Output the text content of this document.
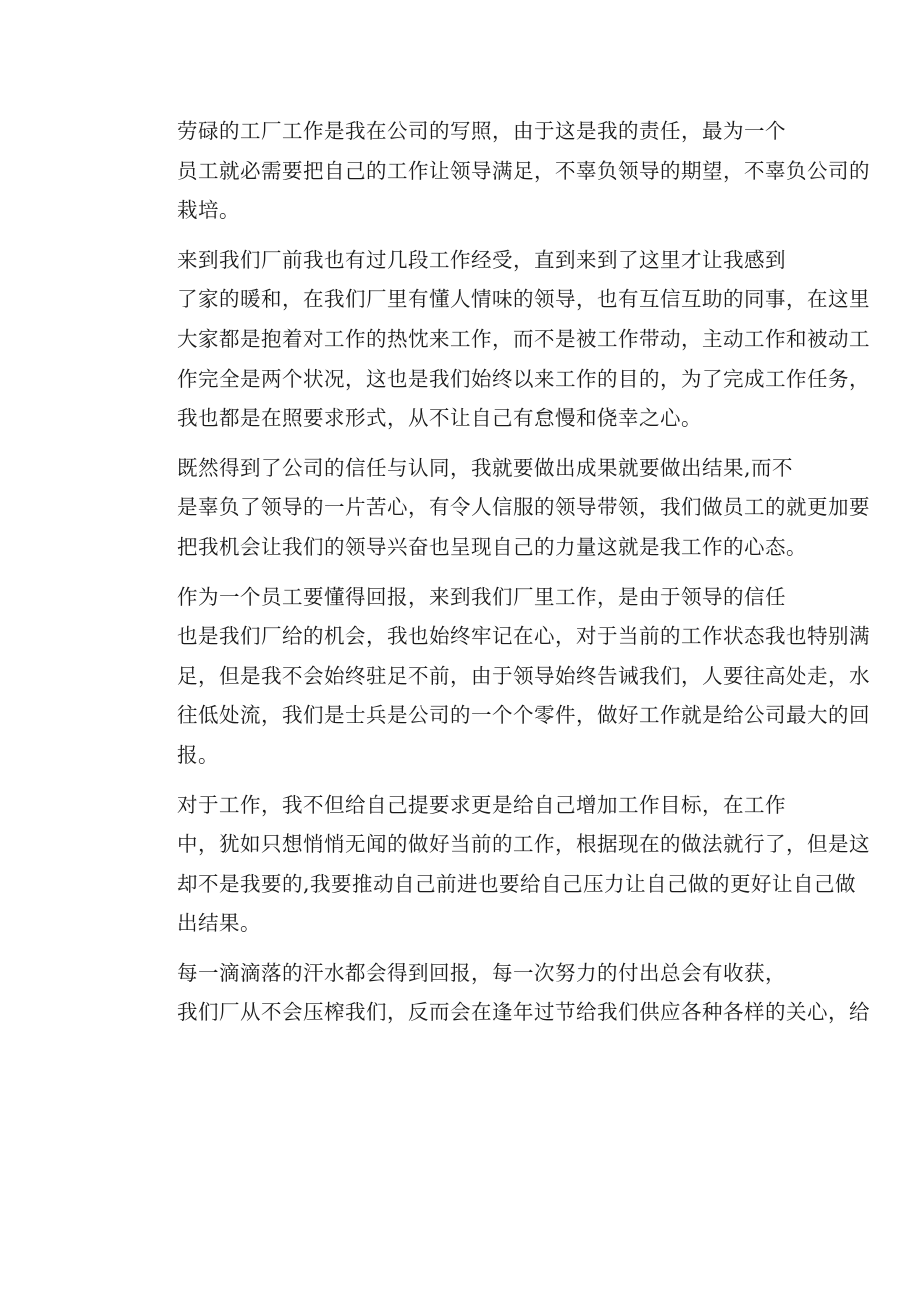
劳碌的工厂工作是我在公司的写照，由于这是我的责任，最为一个
员工就必需要把自己的工作让领导满足，不辜负领导的期望，不辜负公司的
栽培。

来到我们厂前我也有过几段工作经受，直到来到了这里才让我感到
了家的暖和，在我们厂里有懂人情味的领导，也有互信互助的同事，在这里
大家都是抱着对工作的热忱来工作，而不是被工作带动，主动工作和被动工
作完全是两个状况，这也是我们始终以来工作的目的，为了完成工作任务，
我也都是在照要求形式，从不让自己有怠慢和侥幸之心。

既然得到了公司的信任与认同，我就要做出成果就要做出结果,而不
是辜负了领导的一片苦心，有令人信服的领导带领，我们做员工的就更加要
把我机会让我们的领导兴奋也呈现自己的力量这就是我工作的心态。

作为一个员工要懂得回报，来到我们厂里工作，是由于领导的信任
也是我们厂给的机会，我也始终牢记在心，对于当前的工作状态我也特别满
足，但是我不会始终驻足不前，由于领导始终告诫我们，人要往高处走，水
往低处流，我们是士兵是公司的一个个零件，做好工作就是给公司最大的回
报。

对于工作，我不但给自己提要求更是给自己增加工作目标，在工作
中，犹如只想悄悄无闻的做好当前的工作，根据现在的做法就行了，但是这
却不是我要的,我要推动自己前进也要给自己压力让自己做的更好让自己做
出结果。

每一滴滴落的汗水都会得到回报，每一次努力的付出总会有收获，
我们厂从不会压榨我们，反而会在逢年过节给我们供应各种各样的关心，给
